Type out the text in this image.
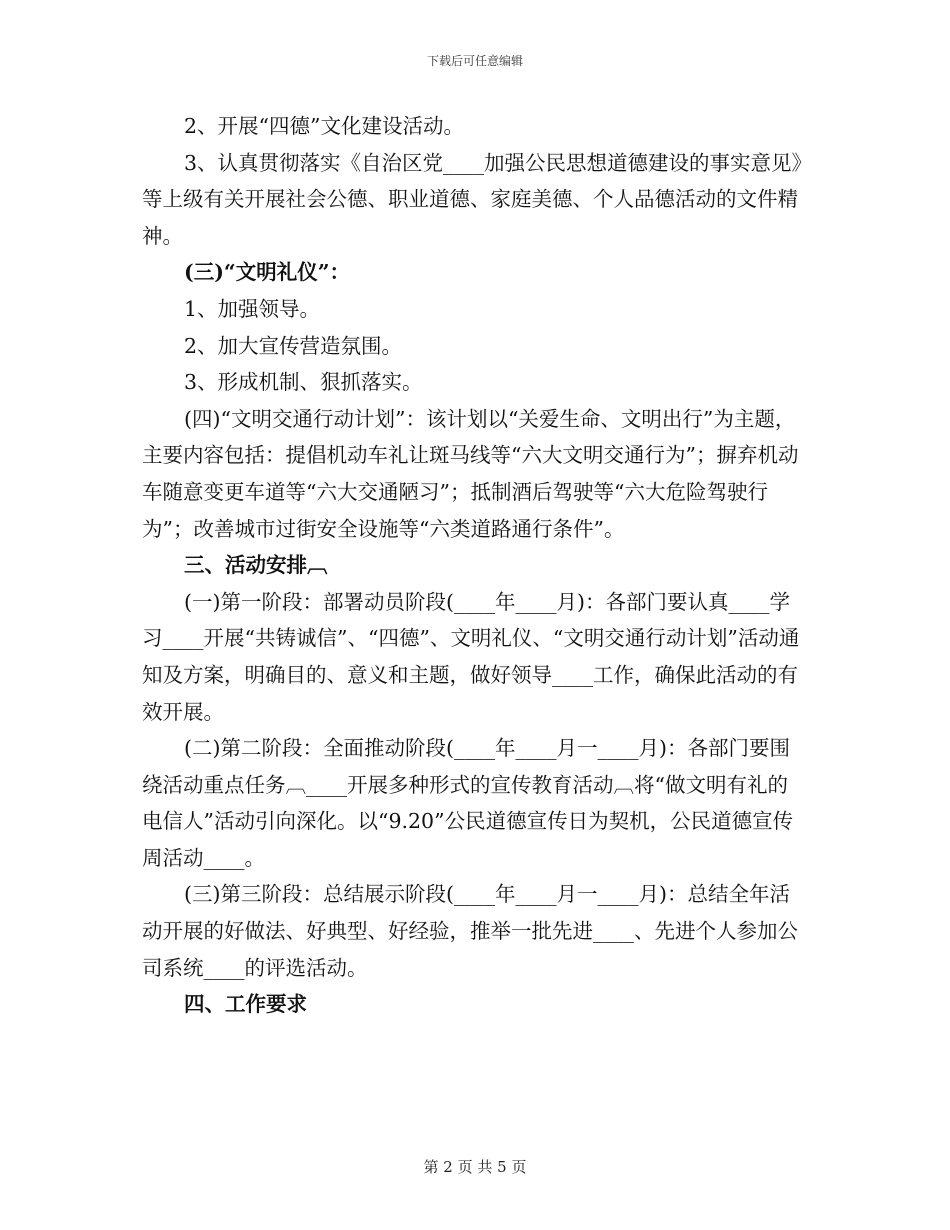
下载后可任意编辑

2、开展“四德”文化建设活动。

3、认真贯彻落实《自治区党____加强公民思想道德建设的事实意见》等上级有关开展社会公德、职业道德、家庭美德、个人品德活动的文件精神。

(三)“文明礼仪”：

1、加强领导。

2、加大宣传营造氛围。

3、形成机制、狠抓落实。

(四)“文明交通行动计划”：该计划以“关爱生命、文明出行”为主题，主要内容包括：提倡机动车礼让斑马线等“六大文明交通行为”；摒弃机动车随意变更车道等“六大交通陋习”；抵制酒后驾驶等“六大危险驾驶行为”；改善城市过街安全设施等“六类道路通行条件”。

三、活动安排︹

(一)第一阶段：部署动员阶段(____年____月)：各部门要认真____学习____开展“共铸诚信”、“四德”、文明礼仪、“文明交通行动计划”活动通知及方案，明确目的、意义和主题，做好领导____工作，确保此活动的有效开展。

(二)第二阶段：全面推动阶段(____年____月一____月)：各部门要围绕活动重点任务︹____开展多种形式的宣传教育活动︹将“做文明有礼的电信人”活动引向深化。以“9.20”公民道德宣传日为契机，公民道德宣传周活动____。

(三)第三阶段：总结展示阶段(____年____月一____月)：总结全年活动开展的好做法、好典型、好经验，推举一批先进____、先进个人参加公司系统____的评选活动。

四、工作要求

第 2 页 共 5 页
